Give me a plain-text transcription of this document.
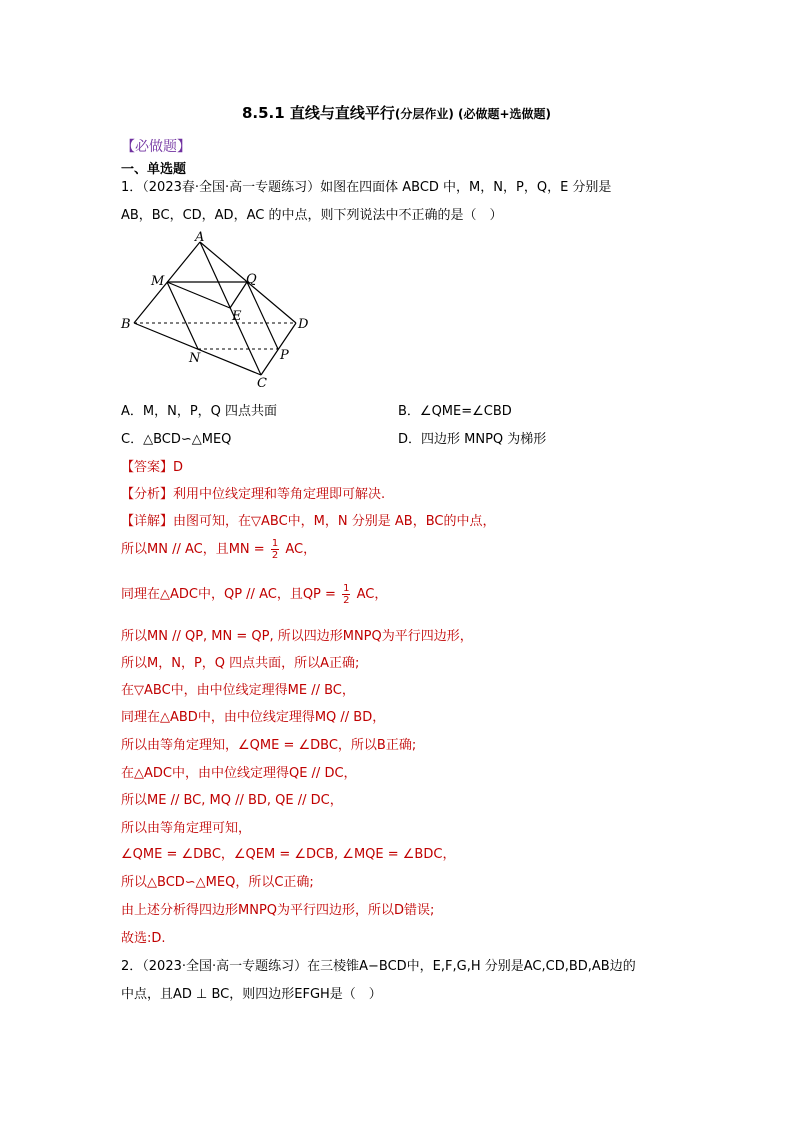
8.5.1 直线与直线平行(分层作业) (必做题+选做题)
【必做题】
一、单选题
1．（2023春·全国·高一专题练习）如图在四面体 ABCD 中，M，N，P，Q，E 分别是
AB，BC，CD，AD，AC 的中点，则下列说法中不正确的是（　）
A
B
C
D
M
N	P
Q
E
A．M，N，P，Q 四点共面	B．∠QME=∠CBD
C．△BCD∽△MEQ	D．四边形 MNPQ 为梯形
【答案】D
【分析】利用中位线定理和等角定理即可解决.
【详解】由图可知，在▽ABC中，M，N 分别是 AB，BC的中点，
所以MN // AC，且MN = $\frac{1}{2}$ AC，
同理在△ADC中，QP // AC，且QP = $\frac{1}{2}$ AC，
所以MN // QP, MN = QP, 所以四边形MNPQ为平行四边形，
所以M，N，P，Q 四点共面，所以A正确;
在▽ABC中，由中位线定理得ME // BC，
同理在△ABD中，由中位线定理得MQ // BD，
所以由等角定理知，∠QME = ∠DBC，所以B正确;
在△ADC中，由中位线定理得QE // DC，
所以ME // BC, MQ // BD, QE // DC，
所以由等角定理可知，
∠QME = ∠DBC，∠QEM = ∠DCB, ∠MQE = ∠BDC，
所以△BCD∽△MEQ，所以C正确;
由上述分析得四边形MNPQ为平行四边形，所以D错误;
故选:D.
2．（2023·全国·高一专题练习）在三棱锥A−BCD中，E,F,G,H 分别是AC,CD,BD,AB边的
中点，且AD ⊥ BC，则四边形EFGH是（　）
